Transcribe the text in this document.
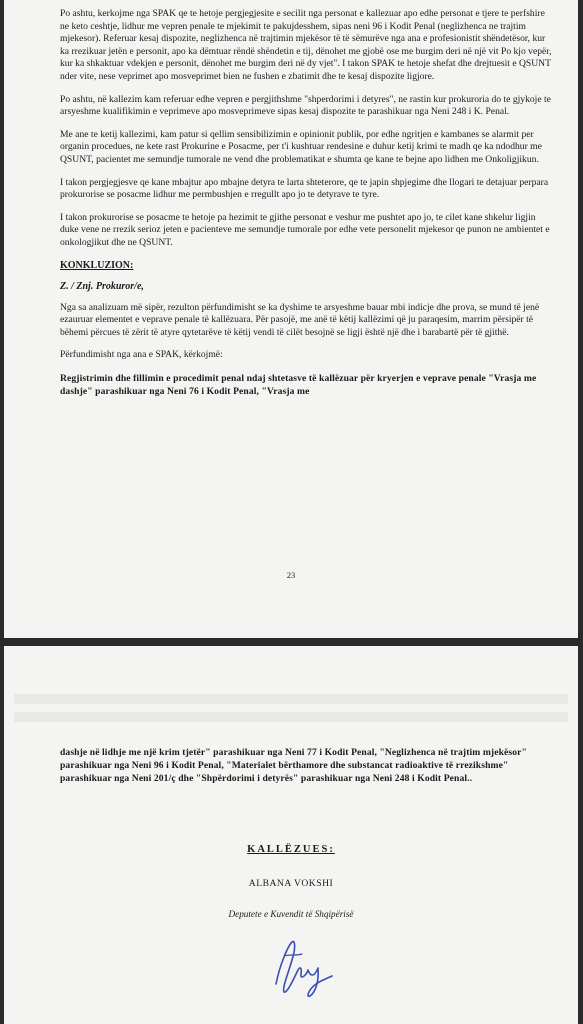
Po ashtu, kerkojme nga SPAK qe te hetoje pergjegjesite e secilit nga personat e kallezuar apo edhe personat e tjere te perfshire ne keto ceshtje, lidhur me vepren penale te mjekimit te pakujdesshem, sipas neni 96 i Kodit Penal (neglizhenca ne trajtim mjekesor). Referuar kesaj dispozite, neglizhenca në trajtimin mjekësor të të sëmurëve nga ana e profesionistit shëndetësor, kur ka rrezikuar jetën e personit, apo ka dëmtuar rëndë shëndetin e tij, dënohet me gjobë ose me burgim deri në një vit Po kjo vepër, kur ka shkaktuar vdekjen e personit, dënohet me burgim deri në dy vjet". I takon SPAK te hetoje shefat dhe drejtuesit e QSUNT nder vite, nese veprimet apo mosveprimet bien ne fushen e zbatimit dhe te kesaj dispozite ligjore.

Po ashtu, në kallezim kam referuar edhe vepren e pergjithshme "shperdorimi i detyres", ne rastin kur prokuroria do te gjykoje te arsyeshme kualifikimin e veprimeve apo mosveprimeve sipas kesaj dispozite te parashikuar nga Neni 248 i K. Penal.

Me ane te ketij kallezimi, kam patur si qellim sensibilizimin e opinionit publik, por edhe ngritjen e kambanes se alarmit per organin procedues, ne kete rast Prokurine e Posacme, per t'i kushtuar rendesine e duhur ketij krimi te madh qe ka ndodhur me QSUNT, pacientet me semundje tumorale ne vend dhe problematikat e shumta qe kane te bejne apo lidhen me Onkoligjikun.

I takon pergjegjesve qe kane mbajtur apo mbajne detyra te larta shteterore, qe te japin shpjegime dhe llogari te detajuar perpara prokurorise se posacme lidhur me permbushjen e rregullt apo jo te detyrave te tyre.

I takon prokurorise se posacme te hetoje pa hezimit te gjithe personat e veshur me pushtet apo jo, te cilet kane shkelur ligjin duke vene ne rrezik serioz jeten e pacienteve me semundje tumorale por edhe vete personelit mjekesor qe punon ne ambientet e onkologjikut dhe ne QSUNT.

KONKLUZION:

Z. / Znj. Prokuror/e,

Nga sa analizuam më sipër, rezulton përfundimisht se ka dyshime te arsyeshme bauar mbi indicje dhe prova, se mund të jenë ezauruar elementet e veprave penale të kallëzuara. Për pasojë, me anë të këtij kallëzimi që ju paraqesim, marrim përsipër të bëhemi përcues të zërit të atyre qytetarëve të këtij vendi të cilët besojnë se ligji është një dhe i barabartë për të gjithë.

Përfundimisht nga ana e SPAK, kërkojmë:

Regjistrimin dhe fillimin e procedimit penal ndaj shtetasve të kallëzuar për kryerjen e veprave penale "Vrasja me dashje" parashikuar nga Neni 76 i Kodit Penal, "Vrasja me

23

dashje në lidhje me një krim tjetër" parashikuar nga Neni 77 i Kodit Penal, "Neglizhenca në trajtim mjekësor" parashikuar nga Neni 96 i Kodit Penal, "Materialet bërthamore dhe substancat radioaktive të rrezikshme" parashikuar nga Neni 201/ç dhe "Shpërdorimi i detyrës" parashikuar nga Neni 248 i Kodit Penal..

KALLËZUES:
ALBANA VOKSHI
Deputete e Kuvendit të Shqipërisë
